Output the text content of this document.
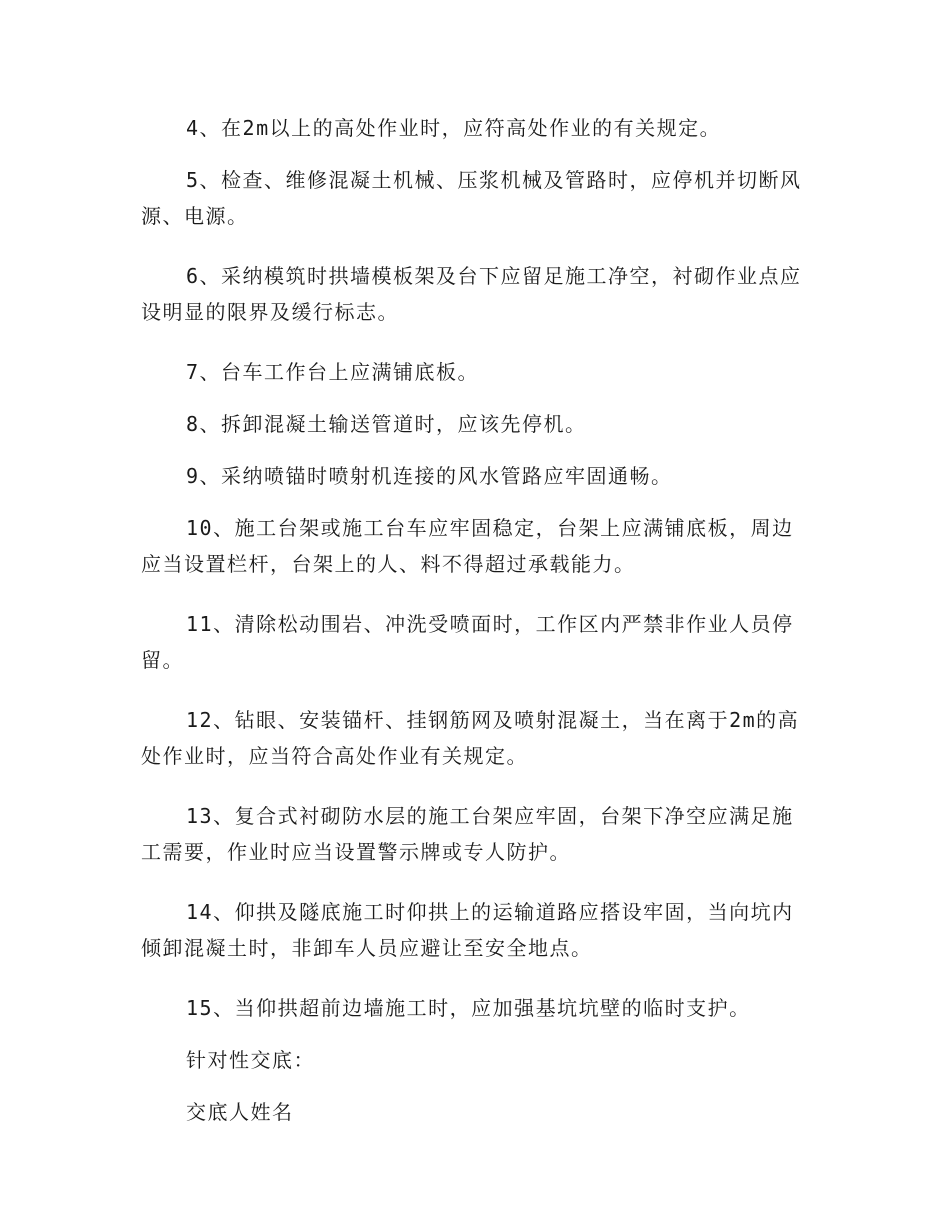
4、在2m以上的高处作业时，应符高处作业的有关规定。

5、检查、维修混凝土机械、压浆机械及管路时，应停机并切断风源、电源。

6、采纳模筑时拱墙模板架及台下应留足施工净空，衬砌作业点应设明显的限界及缓行标志。

7、台车工作台上应满铺底板。

8、拆卸混凝土输送管道时，应该先停机。

9、采纳喷锚时喷射机连接的风水管路应牢固通畅。

10、施工台架或施工台车应牢固稳定，台架上应满铺底板，周边应当设置栏杆，台架上的人、料不得超过承载能力。

11、清除松动围岩、冲洗受喷面时，工作区内严禁非作业人员停留。

12、钻眼、安装锚杆、挂钢筋网及喷射混凝土，当在离于2m的高处作业时，应当符合高处作业有关规定。

13、复合式衬砌防水层的施工台架应牢固，台架下净空应满足施工需要，作业时应当设置警示牌或专人防护。

14、仰拱及隧底施工时仰拱上的运输道路应搭设牢固，当向坑内倾卸混凝土时，非卸车人员应避让至安全地点。

15、当仰拱超前边墙施工时，应加强基坑坑壁的临时支护。

针对性交底：

交底人姓名
